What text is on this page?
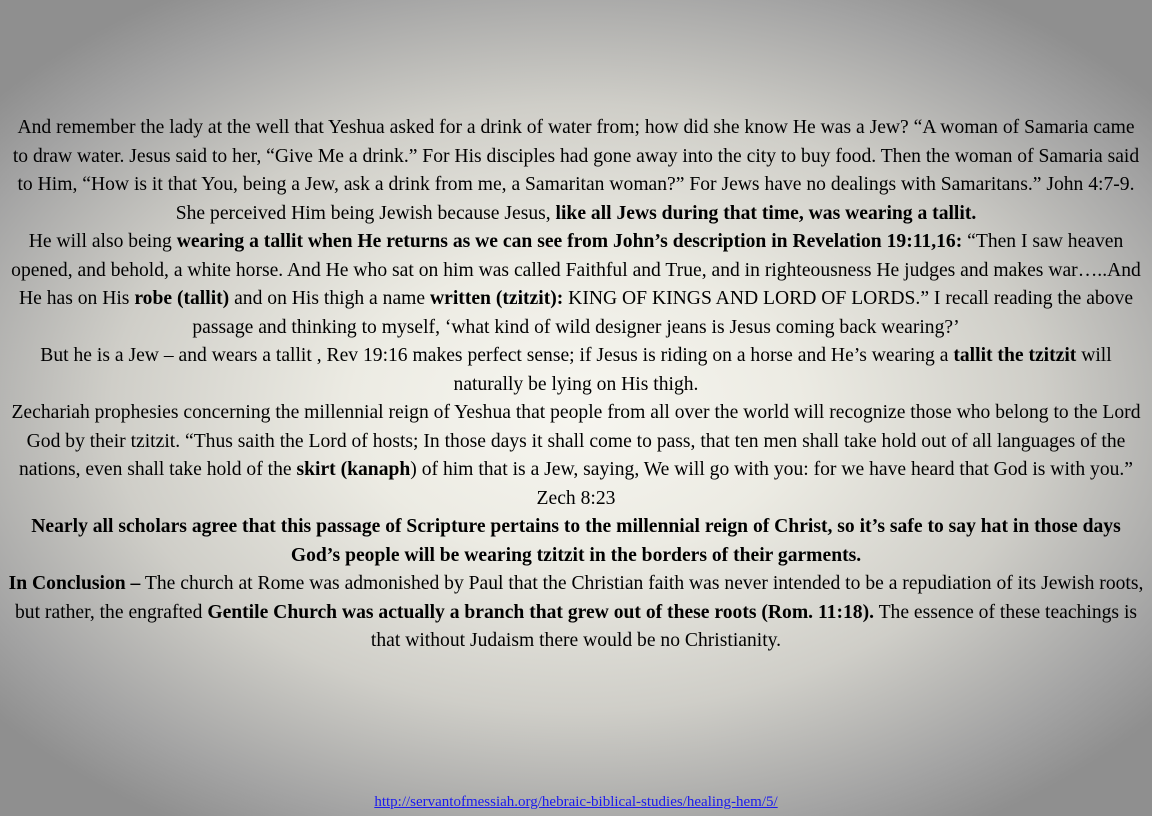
And remember the lady at the well that Yeshua asked for a drink of water from; how did she know He was a Jew? “A woman of Samaria came to draw water. Jesus said to her, “Give Me a drink.” For His disciples had gone away into the city to buy food. Then the woman of Samaria said to Him, “How is it that You, being a Jew, ask a drink from me, a Samaritan woman?” For Jews have no dealings with Samaritans.” John 4:7-9. She perceived Him being Jewish because Jesus, like all Jews during that time, was wearing a tallit.

He will also being wearing a tallit when He returns as we can see from John’s description in Revelation 19:11,16: “Then I saw heaven opened, and behold, a white horse. And He who sat on him was called Faithful and True, and in righteousness He judges and makes war…..And He has on His robe (tallit) and on His thigh a name written (tzitzit): KING OF KINGS AND LORD OF LORDS.” I recall reading the above passage and thinking to myself, ‘what kind of wild designer jeans is Jesus coming back wearing?’

But he is a Jew – and wears a tallit , Rev 19:16 makes perfect sense; if Jesus is riding on a horse and He’s wearing a tallit the tzitzit will naturally be lying on His thigh.

Zechariah prophesies concerning the millennial reign of Yeshua that people from all over the world will recognize those who belong to the Lord God by their tzitzit. “Thus saith the Lord of hosts; In those days it shall come to pass, that ten men shall take hold out of all languages of the nations, even shall take hold of the skirt (kanaph) of him that is a Jew, saying, We will go with you: for we have heard that God is with you.” Zech 8:23

Nearly all scholars agree that this passage of Scripture pertains to the millennial reign of Christ, so it’s safe to say hat in those days God’s people will be wearing tzitzit in the borders of their garments.

In Conclusion – The church at Rome was admonished by Paul that the Christian faith was never intended to be a repudiation of its Jewish roots, but rather, the engrafted Gentile Church was actually a branch that grew out of these roots (Rom. 11:18). The essence of these teachings is that without Judaism there would be no Christianity.

http://servantofmessiah.org/hebraic-biblical-studies/healing-hem/5/
